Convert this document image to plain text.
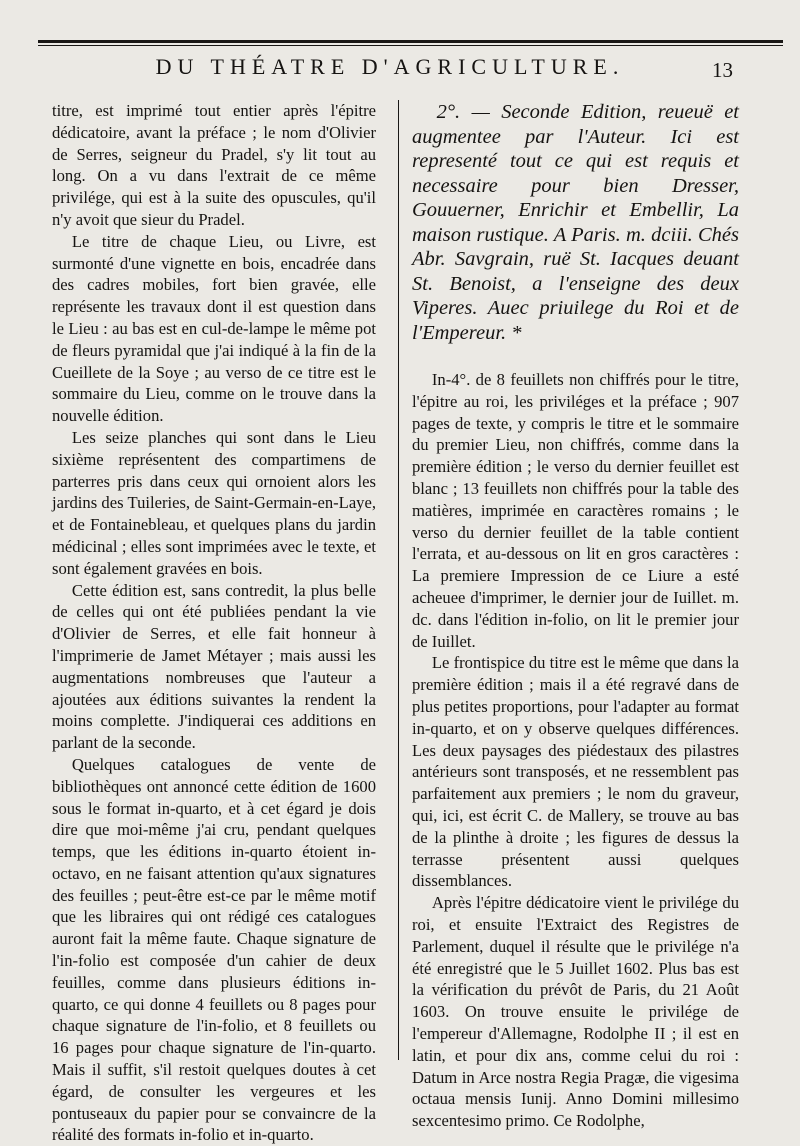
DU THÉATRE D'AGRICULTURE.	13

titre, est imprimé tout entier après l'épitre dédicatoire, avant la préface ; le nom d'Olivier de Serres, seigneur du Pradel, s'y lit tout au long. On a vu dans l'extrait de ce même privilége, qui est à la suite des opuscules, qu'il n'y avoit que sieur du Pradel.

Le titre de chaque Lieu, ou Livre, est surmonté d'une vignette en bois, encadrée dans des cadres mobiles, fort bien gravée, elle représente les travaux dont il est question dans le Lieu : au bas est en cul-de-lampe le même pot de fleurs pyramidal que j'ai indiqué à la fin de la Cueillete de la Soye ; au verso de ce titre est le sommaire du Lieu, comme on le trouve dans la nouvelle édition.

Les seize planches qui sont dans le Lieu sixième représentent des compartimens de parterres pris dans ceux qui ornoient alors les jardins des Tuileries, de Saint-Germain-en-Laye, et de Fontainebleau, et quelques plans du jardin médicinal ; elles sont imprimées avec le texte, et sont également gravées en bois.

Cette édition est, sans contredit, la plus belle de celles qui ont été publiées pendant la vie d'Olivier de Serres, et elle fait honneur à l'imprimerie de Jamet Métayer ; mais aussi les augmentations nombreuses que l'auteur a ajoutées aux éditions suivantes la rendent la moins complette. J'indiquerai ces additions en parlant de la seconde.

Quelques catalogues de vente de bibliothèques ont annoncé cette édition de 1600 sous le format in-quarto, et à cet égard je dois dire que moi-même j'ai cru, pendant quelques temps, que les éditions in-quarto étoient in-octavo, en ne faisant attention qu'aux signatures des feuilles ; peut-être est-ce par le même motif que les libraires qui ont rédigé ces catalogues auront fait la même faute. Chaque signature de l'in-folio est composée d'un cahier de deux feuilles, comme dans plusieurs éditions in-quarto, ce qui donne 4 feuillets ou 8 pages pour chaque signature de l'in-folio, et 8 feuillets ou 16 pages pour chaque signature de l'in-quarto. Mais il suffit, s'il restoit quelques doutes à cet égard, de consulter les vergeures et les pontuseaux du papier pour se convaincre de la réalité des formats in-folio et in-quarto.

2°. — Seconde Edition, reueuë et augmentee par l'Auteur. Ici est representé tout ce qui est requis et necessaire pour bien Dresser, Gouuerner, Enrichir et Embellir, La maison rustique. A Paris. m. dciii. Chés Abr. Savgrain, ruë St. Iacques deuant St. Benoist, a l'enseigne des deux Viperes. Auec priuilege du Roi et de l'Empereur. *

In-4°. de 8 feuillets non chiffrés pour le titre, l'épitre au roi, les priviléges et la préface ; 907 pages de texte, y compris le titre et le sommaire du premier Lieu, non chiffrés, comme dans la première édition ; le verso du dernier feuillet est blanc ; 13 feuillets non chiffrés pour la table des matières, imprimée en caractères romains ; le verso du dernier feuillet de la table contient l'errata, et au-dessous on lit en gros caractères : La premiere Impression de ce Liure a esté acheuee d'imprimer, le dernier jour de Iuillet. m. dc. dans l'édition in-folio, on lit le premier jour de Iuillet.

Le frontispice du titre est le même que dans la première édition ; mais il a été regravé dans de plus petites proportions, pour l'adapter au format in-quarto, et on y observe quelques différences. Les deux paysages des piédestaux des pilastres antérieurs sont transposés, et ne ressemblent pas parfaitement aux premiers ; le nom du graveur, qui, ici, est écrit C. de Mallery, se trouve au bas de la plinthe à droite ; les figures de dessus la terrasse présentent aussi quelques dissemblances.

Après l'épitre dédicatoire vient le privilége du roi, et ensuite l'Extraict des Registres de Parlement, duquel il résulte que le privilége n'a été enregistré que le 5 Juillet 1602. Plus bas est la vérification du prévôt de Paris, du 21 Août 1603. On trouve ensuite le privilége de l'empereur d'Allemagne, Rodolphe II ; il est en latin, et pour dix ans, comme celui du roi : Datum in Arce nostra Regia Pragæ, die vigesima octaua mensis Iunij. Anno Domini millesimo sexcentesimo primo. Ce Rodolphe,
